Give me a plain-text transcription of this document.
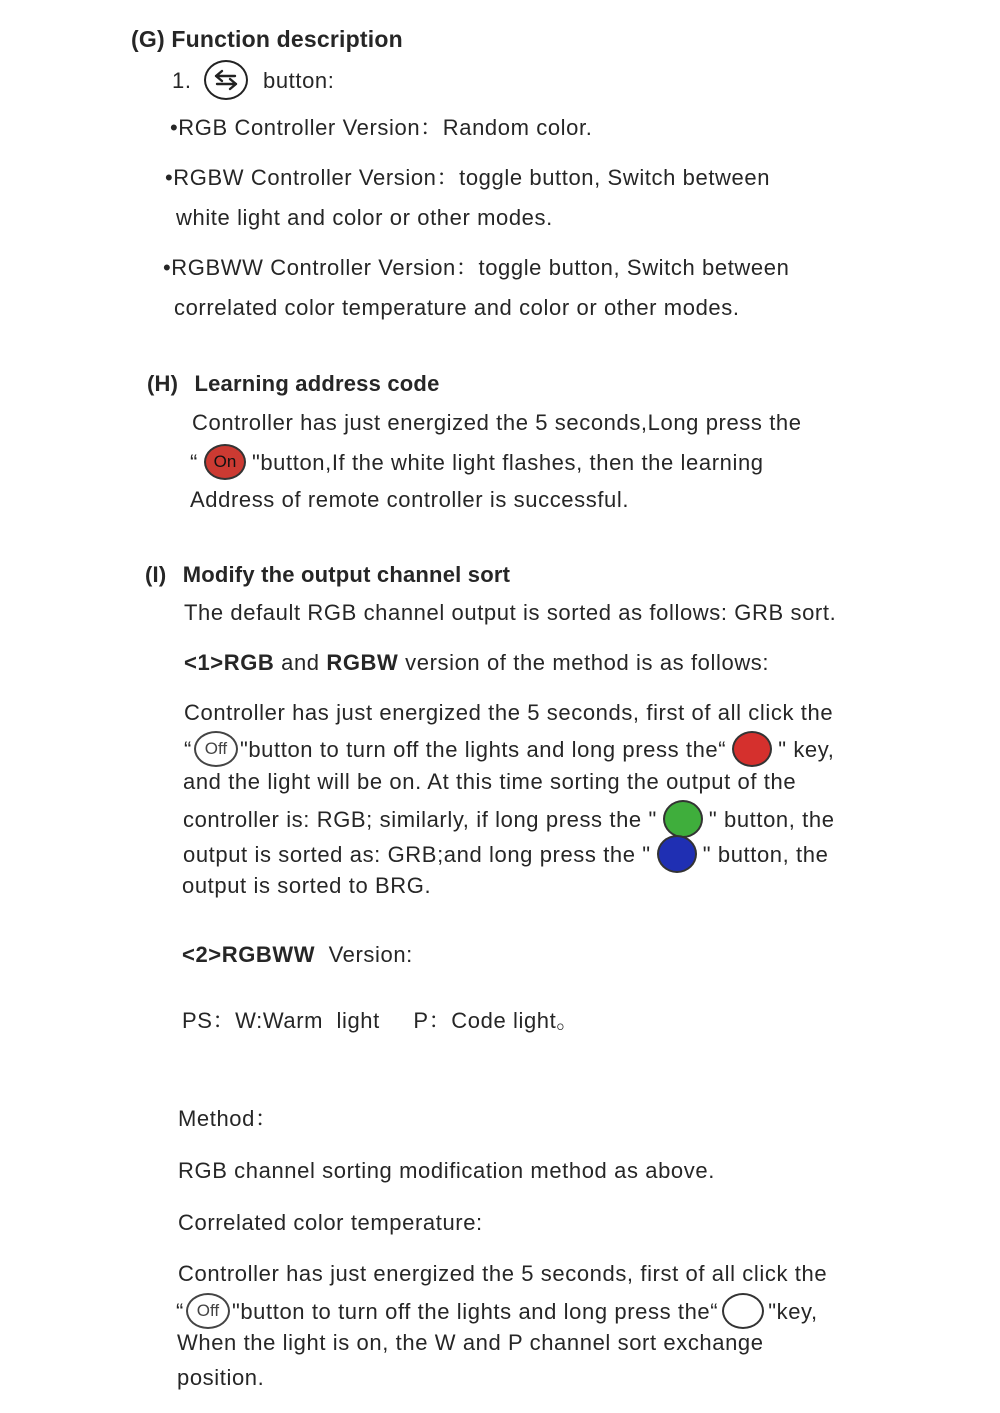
(G) Function description
1.	button:
•RGB Controller Version：Random color.
•RGBW Controller Version：toggle button, Switch between
white light and color or other modes.
•RGBWW Controller Version：toggle button, Switch between
correlated color temperature and color or other modes.
(H) Learning address code
Controller has just energized the 5 seconds,Long press the
“ On "button,If the white light flashes, then the learning
Address of remote controller is successful.
(I) Modify the output channel sort
The default RGB channel output is sorted as follows: GRB sort.
<1>RGB and RGBW version of the method is as follows:
Controller has just energized the 5 seconds, first of all click the
“ Off "button to turn off the lights and long press the“ " key,
and the light will be on. At this time sorting the output of the
controller is: RGB; similarly, if long press the " " button, the
output is sorted as: GRB;and long press the " " button, the
output is sorted to BRG.
<2>RGBWW  Version:
PS：W:Warm  light     P：Code light。
Method：
RGB channel sorting modification method as above.
Correlated color temperature:
Controller has just energized the 5 seconds, first of all click the
“ Off "button to turn off the lights and long press the“ "key,
When the light is on, the W and P channel sort exchange
position.
